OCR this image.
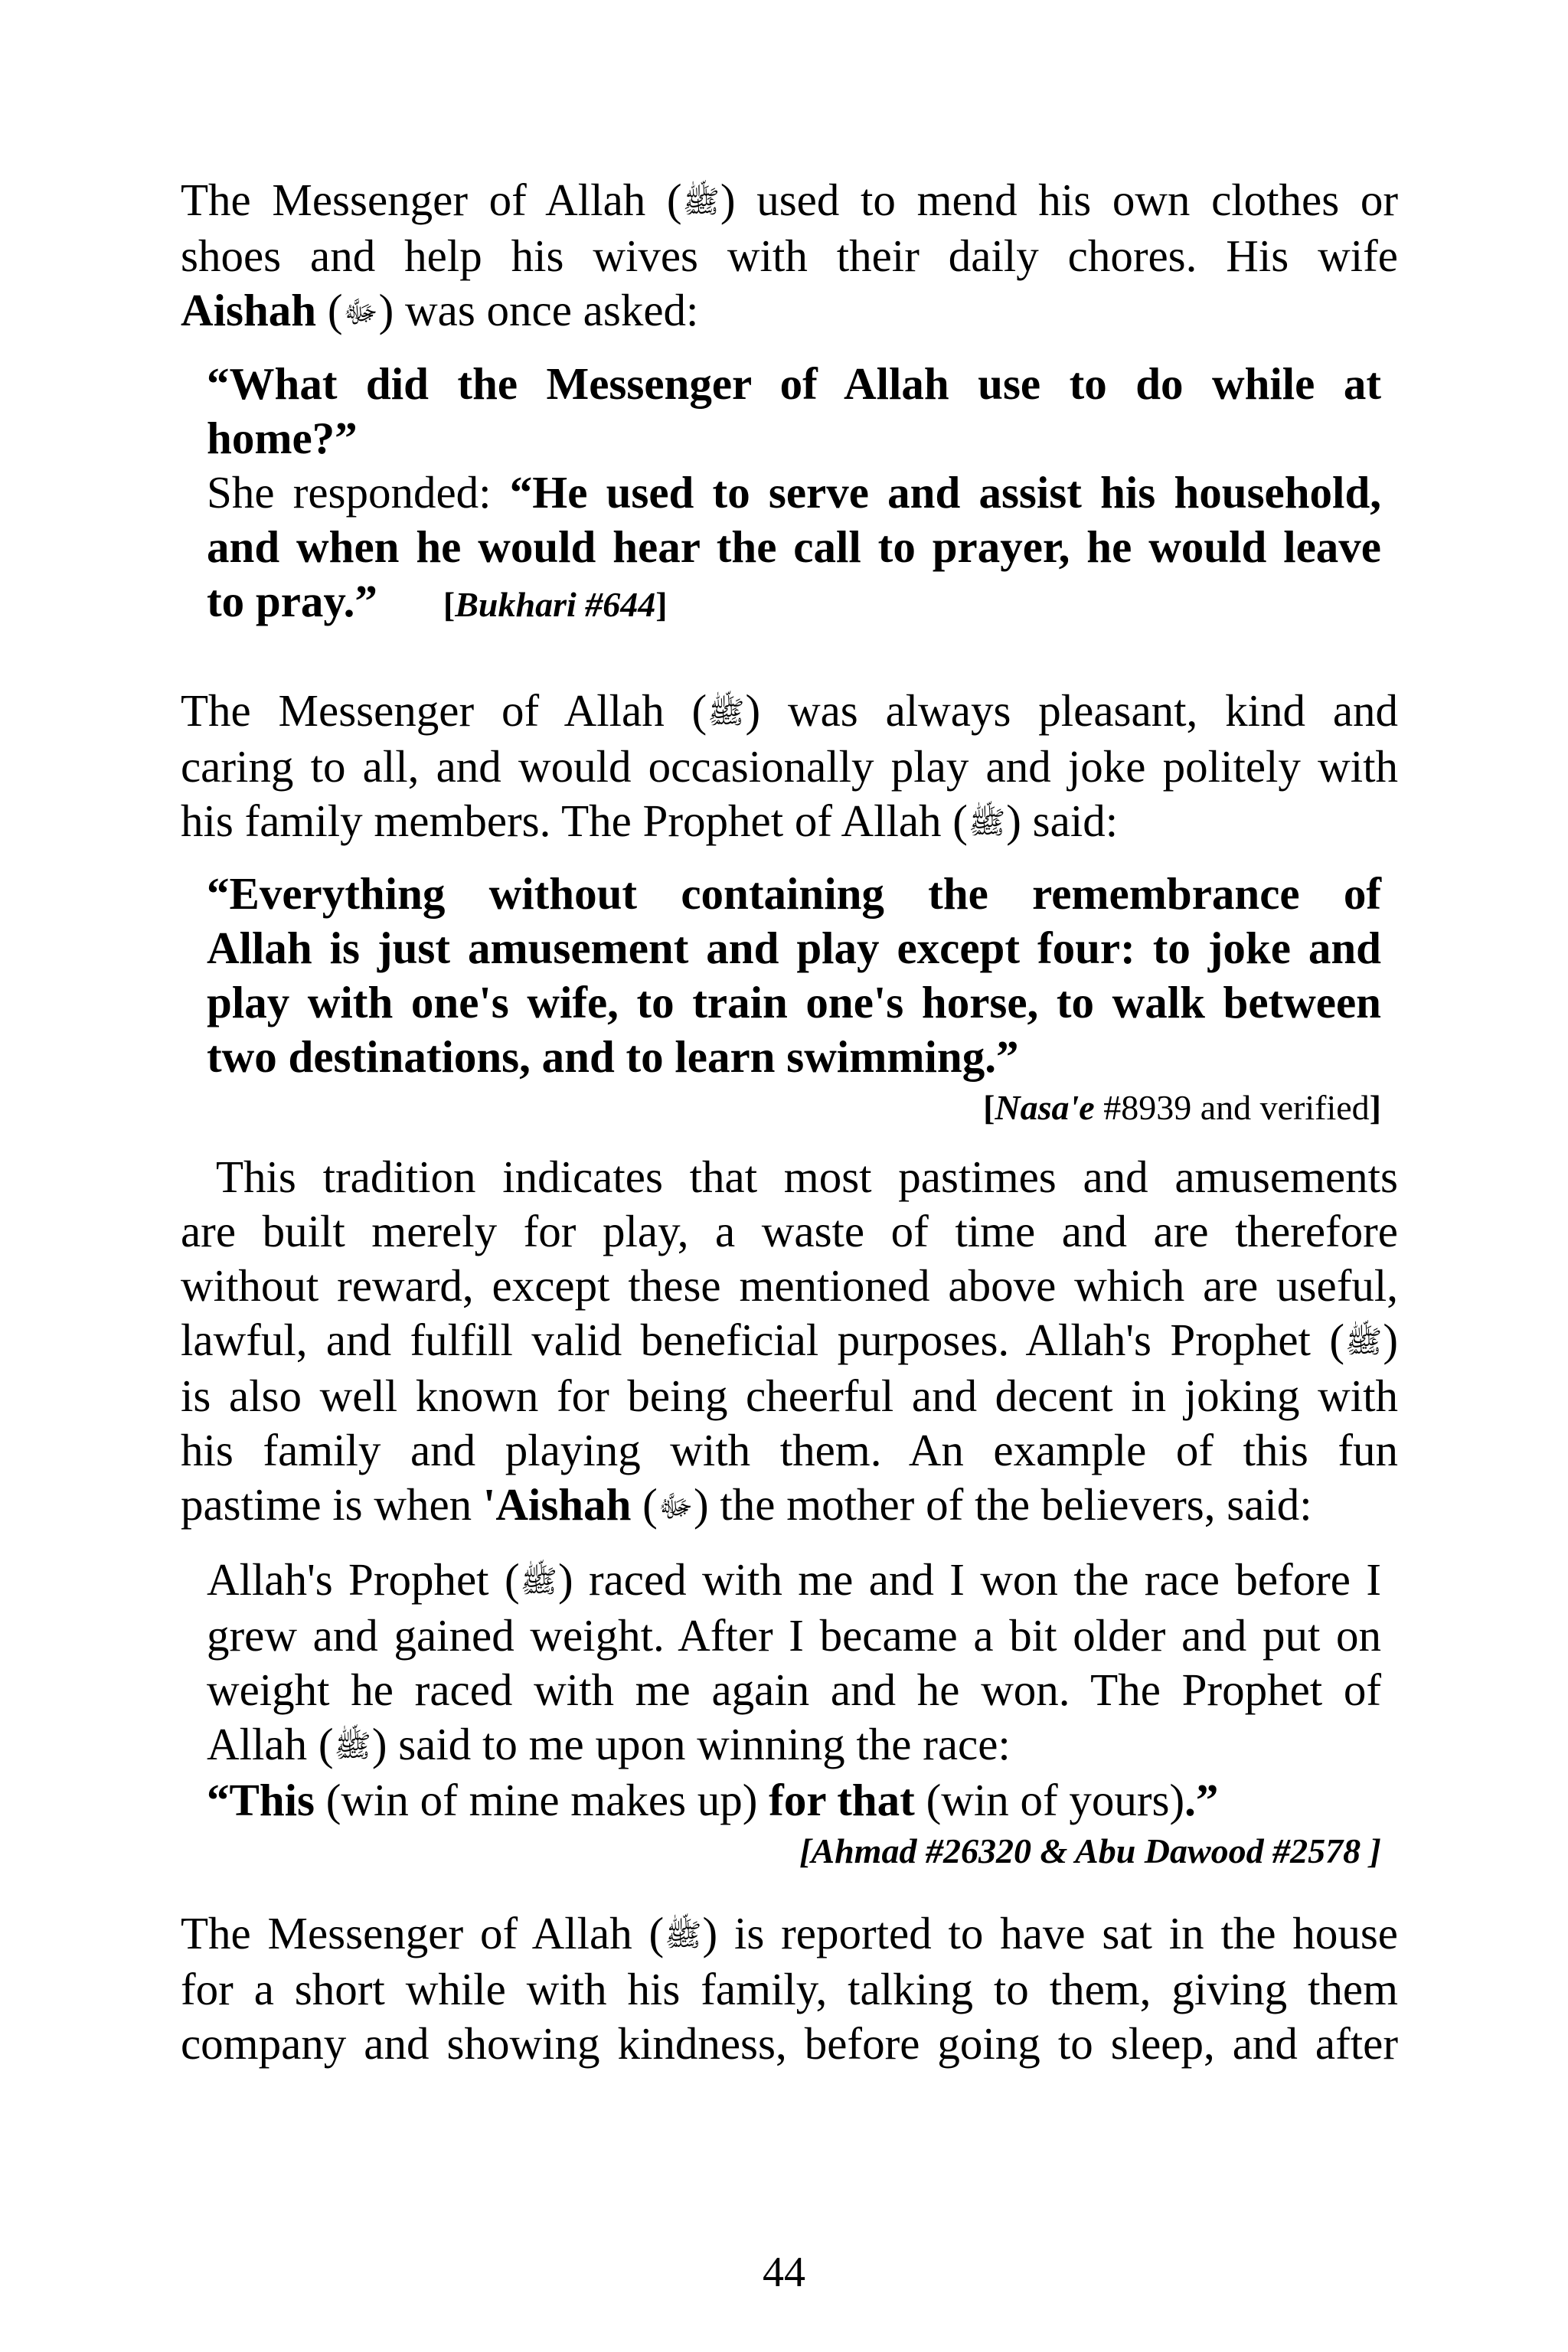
The Messenger of Allah (ﷺ) used to mend his own clothes or
shoes and help his wives with their daily chores. His wife
Aishah (ﷻ) was once asked:
“What did the Messenger of Allah use to do while at
home?”
She responded: “He used to serve and assist his household,
and when he would hear the call to prayer, he would leave
to pray.” [Bukhari #644]
The Messenger of Allah (ﷺ) was always pleasant, kind and
caring to all, and would occasionally play and joke politely with
his family members. The Prophet of Allah (ﷺ) said:
“Everything without containing the remembrance of
Allah is just amusement and play except four: to joke and
play with one's wife, to train one's horse, to walk between
two destinations, and to learn swimming.”
[Nasa'e #8939 and verified]
This tradition indicates that most pastimes and amusements
are built merely for play, a waste of time and are therefore
without reward, except these mentioned above which are useful,
lawful, and fulfill valid beneficial purposes. Allah's Prophet (ﷺ)
is also well known for being cheerful and decent in joking with
his family and playing with them. An example of this fun
pastime is when 'Aishah (ﷻ) the mother of the believers, said:
Allah's Prophet (ﷺ) raced with me and I won the race before I
grew and gained weight. After I became a bit older and put on
weight he raced with me again and he won. The Prophet of
Allah (ﷺ) said to me upon winning the race:
“This (win of mine makes up) for that (win of yours).”
[Ahmad #26320 & Abu Dawood #2578 ]
The Messenger of Allah (ﷺ) is reported to have sat in the house
for a short while with his family, talking to them, giving them
company and showing kindness, before going to sleep, and after
44
